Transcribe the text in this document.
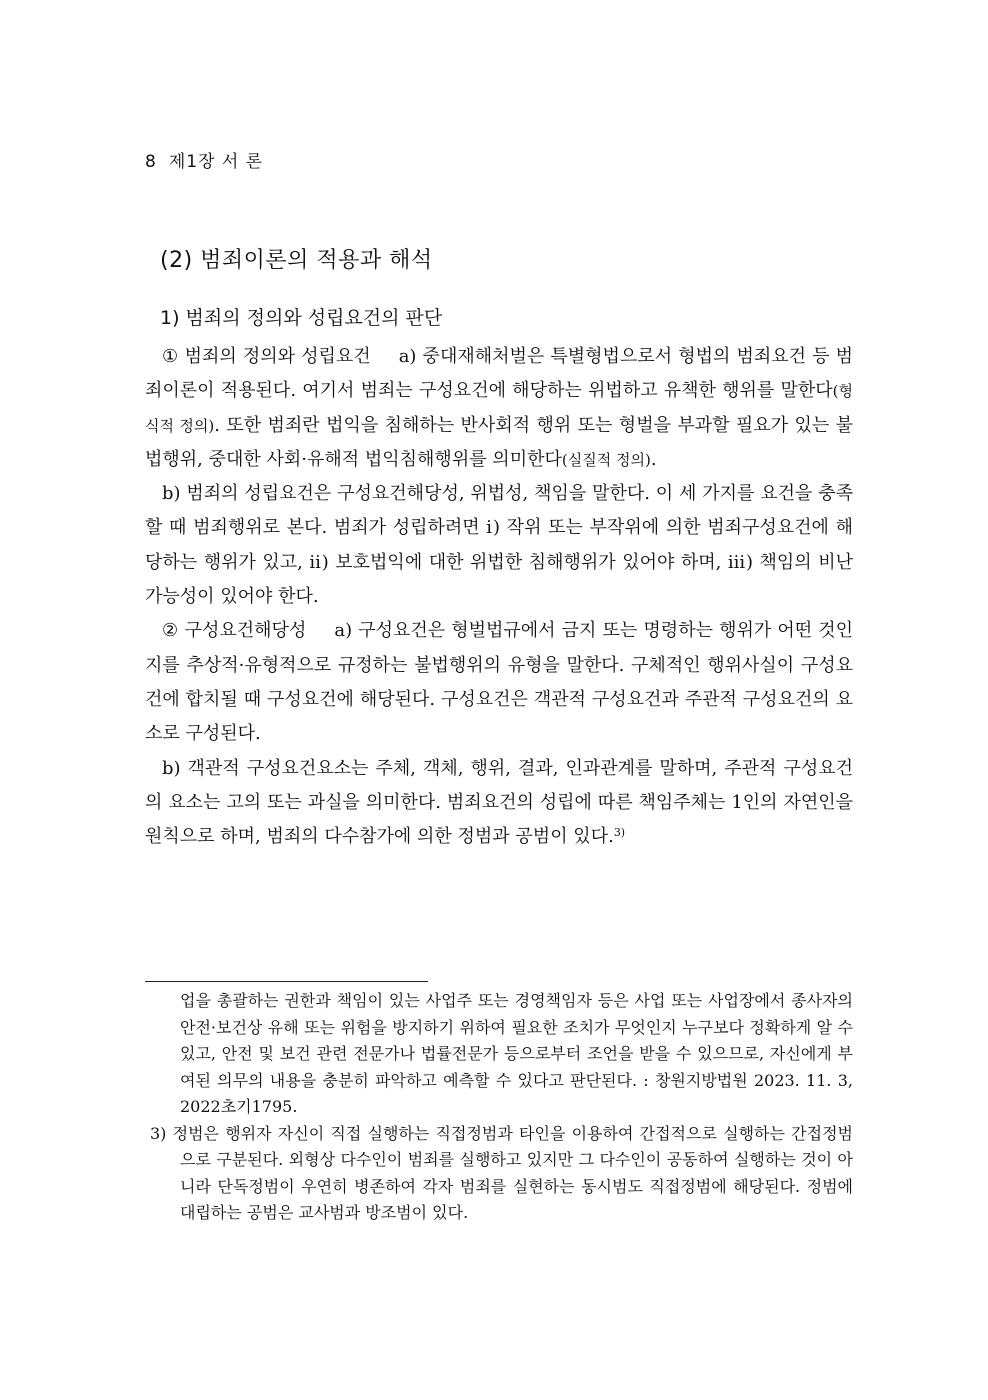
8 제1장 서 론
(2) 범죄이론의 적용과 해석
1) 범죄의 정의와 성립요건의 판단

① 범죄의 정의와 성립요건 a) 중대재해처벌은 특별형법으로서 형법의 범죄요건 등 범죄이론이 적용된다. 여기서 범죄는 구성요건에 해당하는 위법하고 유책한 행위를 말한다(형식적 정의). 또한 범죄란 법익을 침해하는 반사회적 행위 또는 형벌을 부과할 필요가 있는 불법행위, 중대한 사회·유해적 법익침해행위를 의미한다(실질적 정의).

b) 범죄의 성립요건은 구성요건해당성, 위법성, 책임을 말한다. 이 세 가지를 요건을 충족할 때 범죄행위로 본다. 범죄가 성립하려면 ⅰ) 작위 또는 부작위에 의한 범죄구성요건에 해당하는 행위가 있고, ⅱ) 보호법익에 대한 위법한 침해행위가 있어야 하며, ⅲ) 책임의 비난가능성이 있어야 한다.

② 구성요건해당성 a) 구성요건은 형벌법규에서 금지 또는 명령하는 행위가 어떤 것인지를 추상적·유형적으로 규정하는 불법행위의 유형을 말한다. 구체적인 행위사실이 구성요건에 합치될 때 구성요건에 해당된다. 구성요건은 객관적 구성요건과 주관적 구성요건의 요소로 구성된다.

b) 객관적 구성요건요소는 주체, 객체, 행위, 결과, 인과관계를 말하며, 주관적 구성요건의 요소는 고의 또는 과실을 의미한다. 범죄요건의 성립에 따른 책임주체는 1인의 자연인을 원칙으로 하며, 범죄의 다수참가에 의한 정범과 공범이 있다.$^{3)}$

업을 총괄하는 권한과 책임이 있는 사업주 또는 경영책임자 등은 사업 또는 사업장에서 종사자의 안전·보건상 유해 또는 위험을 방지하기 위하여 필요한 조치가 무엇인지 누구보다 정확하게 알 수 있고, 안전 및 보건 관련 전문가나 법률전문가 등으로부터 조언을 받을 수 있으므로, 자신에게 부여된 의무의 내용을 충분히 파악하고 예측할 수 있다고 판단된다. : 창원지방법원 2023. 11. 3, 2022초기1795.

3) 정범은 행위자 자신이 직접 실행하는 직접정범과 타인을 이용하여 간접적으로 실행하는 간접정범으로 구분된다. 외형상 다수인이 범죄를 실행하고 있지만 그 다수인이 공동하여 실행하는 것이 아니라 단독정범이 우연히 병존하여 각자 범죄를 실현하는 동시범도 직접정범에 해당된다. 정범에 대립하는 공범은 교사범과 방조범이 있다.
